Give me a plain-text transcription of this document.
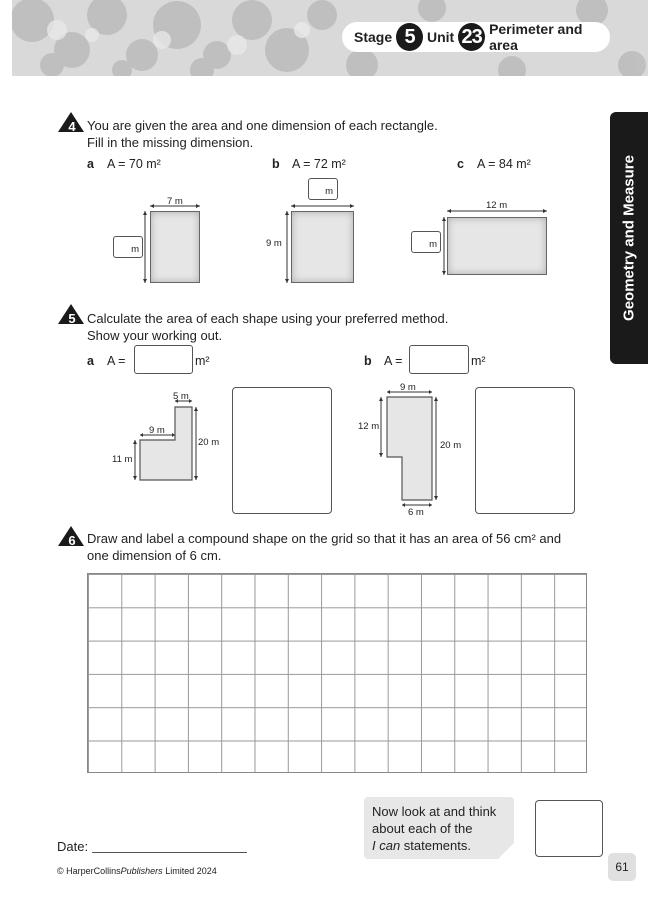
Stage 5 Unit 23 Perimeter and area
Geometry and Measure
4 You are given the area and one dimension of each rectangle.
Fill in the missing dimension.
a A = 70 m²	b A = 72 m²	c A = 84 m²
7 m
m
9 m
m
12 m
m
5 Calculate the area of each shape using your preferred method.
Show your working out.
a A =	m²	b A =	m²
5 m
9 m
20 m
11 m
9 m
12 m
20 m
6 m
6 Draw and label a compound shape on the grid so that it has an area of 56 cm² and
one dimension of 6 cm.
Now look at and think
about each of the
I can statements.
Date:
© HarperCollinsPublishers Limited 2024	61
